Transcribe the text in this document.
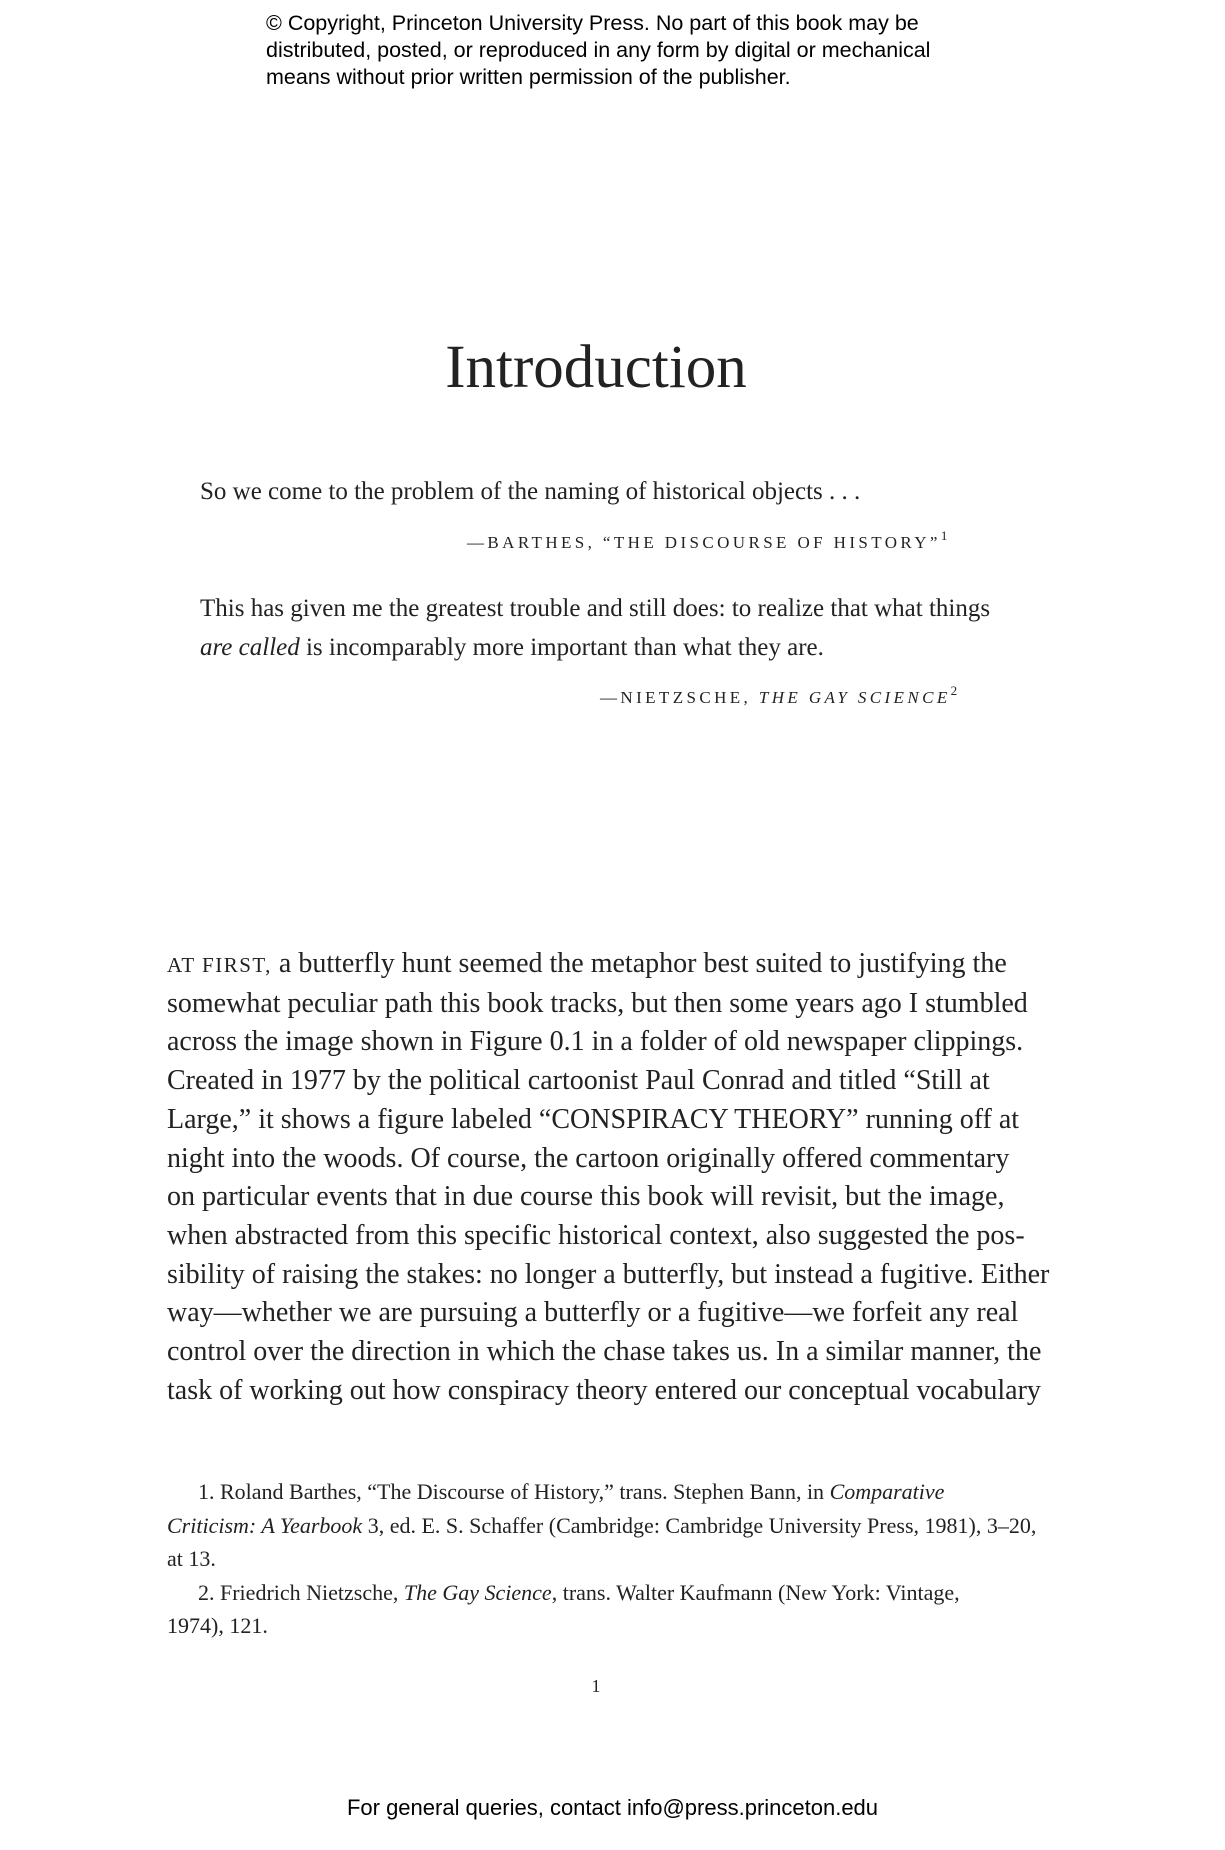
© Copyright, Princeton University Press. No part of this book may be
distributed, posted, or reproduced in any form by digital or mechanical
means without prior written permission of the publisher.
Introduction
So we come to the problem of the naming of historical objects . . .
—BARTHES, “THE DISCOURSE OF HISTORY”$^1$
This has given me the greatest trouble and still does: to realize that what things
are called is incomparably more important than what they are.
—NIETZSCHE, THE GAY SCIENCE$^2$
AT FIRST, a butterfly hunt seemed the metaphor best suited to justifying the
somewhat peculiar path this book tracks, but then some years ago I stumbled
across the image shown in Figure 0.1 in a folder of old newspaper clippings.
Created in 1977 by the political cartoonist Paul Conrad and titled “Still at
Large,” it shows a figure labeled “CONSPIRACY THEORY” running off at
night into the woods. Of course, the cartoon originally offered commentary
on particular events that in due course this book will revisit, but the image,
when abstracted from this specific historical context, also suggested the pos-
sibility of raising the stakes: no longer a butterfly, but instead a fugitive. Either
way—whether we are pursuing a butterfly or a fugitive—we forfeit any real
control over the direction in which the chase takes us. In a similar manner, the
task of working out how conspiracy theory entered our conceptual vocabulary
1. Roland Barthes, “The Discourse of History,” trans. Stephen Bann, in Comparative
Criticism: A Yearbook 3, ed. E. S. Schaffer (Cambridge: Cambridge University Press, 1981), 3–20,
at 13.
2. Friedrich Nietzsche, The Gay Science, trans. Walter Kaufmann (New York: Vintage,
1974), 121.
1
For general queries, contact info@press.princeton.edu
